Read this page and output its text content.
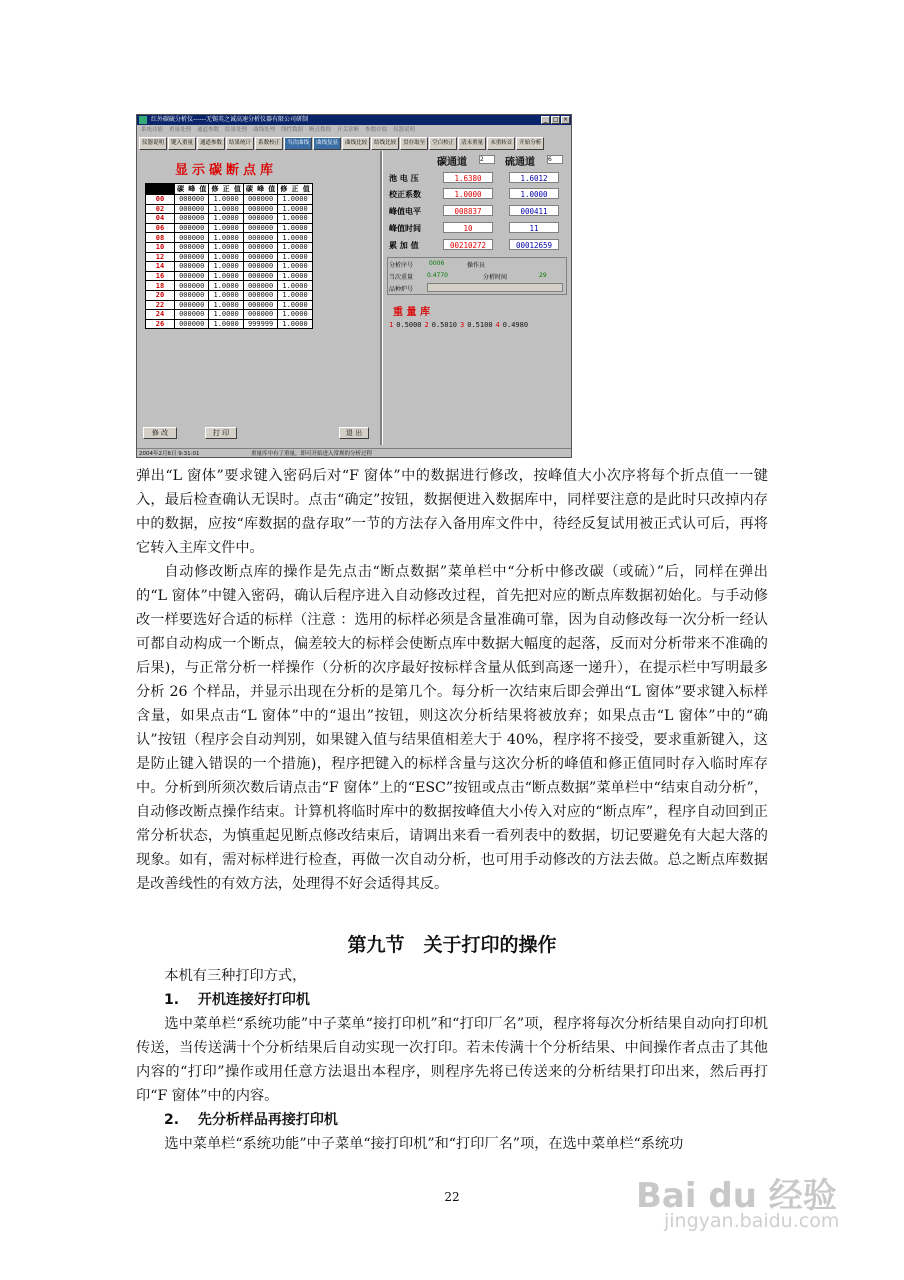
红外碳硫分析仪------无锡英之诚高速分析仪器有限公司研制	_ □ ×
系统功能 重量处理 通道参数 结果处理 曲线处理 线性数据 断点数据 开关诊断 参数存取 仪器说明
仪器说明	键入重量	通道参数	结果统计	系数校正	当次曲线	曲线复显	曲线比较	结线比较	盘存取至	空白校正	清末重量	末重转首	开始分析
显示碳断点库
	碳 峰 值	修 正 值	碳 峰 值	修 正 值
00	000000	1.0000	000000	1.0000
02	000000	1.0000	000000	1.0000
04	000000	1.0000	000000	1.0000
06	000000	1.0000	000000	1.0000
08	000000	1.0000	000000	1.0000
10	000000	1.0000	000000	1.0000
12	000000	1.0000	000000	1.0000
14	000000	1.0000	000000	1.0000
16	000000	1.0000	000000	1.0000
18	000000	1.0000	000000	1.0000
20	000000	1.0000	000000	1.0000
22	000000	1.0000	000000	1.0000
24	000000	1.0000	000000	1.0000
26	000000	1.0000	999999	1.0000
修 改	打 印	退 出
碳通道 2	硫通道 6
池 电 压	1.6380	1.6012
校正系数	1.0000	1.0000
峰值电平	008837	000411
峰值时间	10	11
累 加 值	00210272	00012659
分析序号	0006	操作员
当次重量 0.4770	分析时间	29
品种炉号
重 量 库
1 0.5000 2 0.5010 3 0.5100 4 0.4980
2004年2月6日 9:31:01	重量库中有了重量，即可开始进入常规的分析过程

弹出“L 窗体”要求键入密码后对“F 窗体”中的数据进行修改，按峰值大小次序将每个折点值一一键入，最后检查确认无误时。点击“确定”按钮，数据便进入数据库中，同样要注意的是此时只改掉内存中的数据，应按“库数据的盘存取”一节的方法存入备用库文件中，待经反复试用被正式认可后，再将它转入主库文件中。

自动修改断点库的操作是先点击“断点数据”菜单栏中“分析中修改碳（或硫）”后，同样在弹出的“L 窗体”中键入密码，确认后程序进入自动修改过程，首先把对应的断点库数据初始化。与手动修改一样要选好合适的标样（注意 ：选用的标样必须是含量准确可靠，因为自动修改每一次分析一经认可都自动构成一个断点，偏差较大的标样会使断点库中数据大幅度的起落，反而对分析带来不准确的后果)，与正常分析一样操作（分析的次序最好按标样含量从低到高逐一递升），在提示栏中写明最多分析 26 个样品，并显示出现在分析的是第几个。每分析一次结束后即会弹出“L 窗体”要求键入标样含量，如果点击“L 窗体”中的“退出”按钮，则这次分析结果将被放弃；如果点击“L 窗体”中的“确认”按钮（程序会自动判别，如果键入值与结果值相差大于 40%，程序将不接受，要求重新键入，这是防止键入错误的一个措施)，程序把键入的标样含量与这次分析的峰值和修正值同时存入临时库存中。分析到所须次数后请点击“F 窗体”上的“ESC”按钮或点击“断点数据”菜单栏中“结束自动分析”，自动修改断点操作结束。计算机将临时库中的数据按峰值大小传入对应的“断点库”，程序自动回到正常分析状态，为慎重起见断点修改结束后，请调出来看一看列表中的数据，切记要避免有大起大落的现象。如有，需对标样进行检查，再做一次自动分析，也可用手动修改的方法去做。总之断点库数据是改善线性的有效方法，处理得不好会适得其反。

第九节　关于打印的操作

本机有三种打印方式，

1.　 开机连接好打印机

选中菜单栏“系统功能”中子菜单“接打印机”和“打印厂名”项，程序将每次分析结果自动向打印机传送，当传送满十个分析结果后自动实现一次打印。若未传满十个分析结果、中间操作者点击了其他内容的“打印”操作或用任意方法退出本程序，则程序先将已传送来的分析结果打印出来，然后再打印“F 窗体”中的内容。

2.　 先分析样品再接打印机

选中菜单栏“系统功能”中子菜单“接打印机”和“打印厂名”项，在选中菜单栏“系统功

22	Bai du 经验
jingyan.baidu.com
